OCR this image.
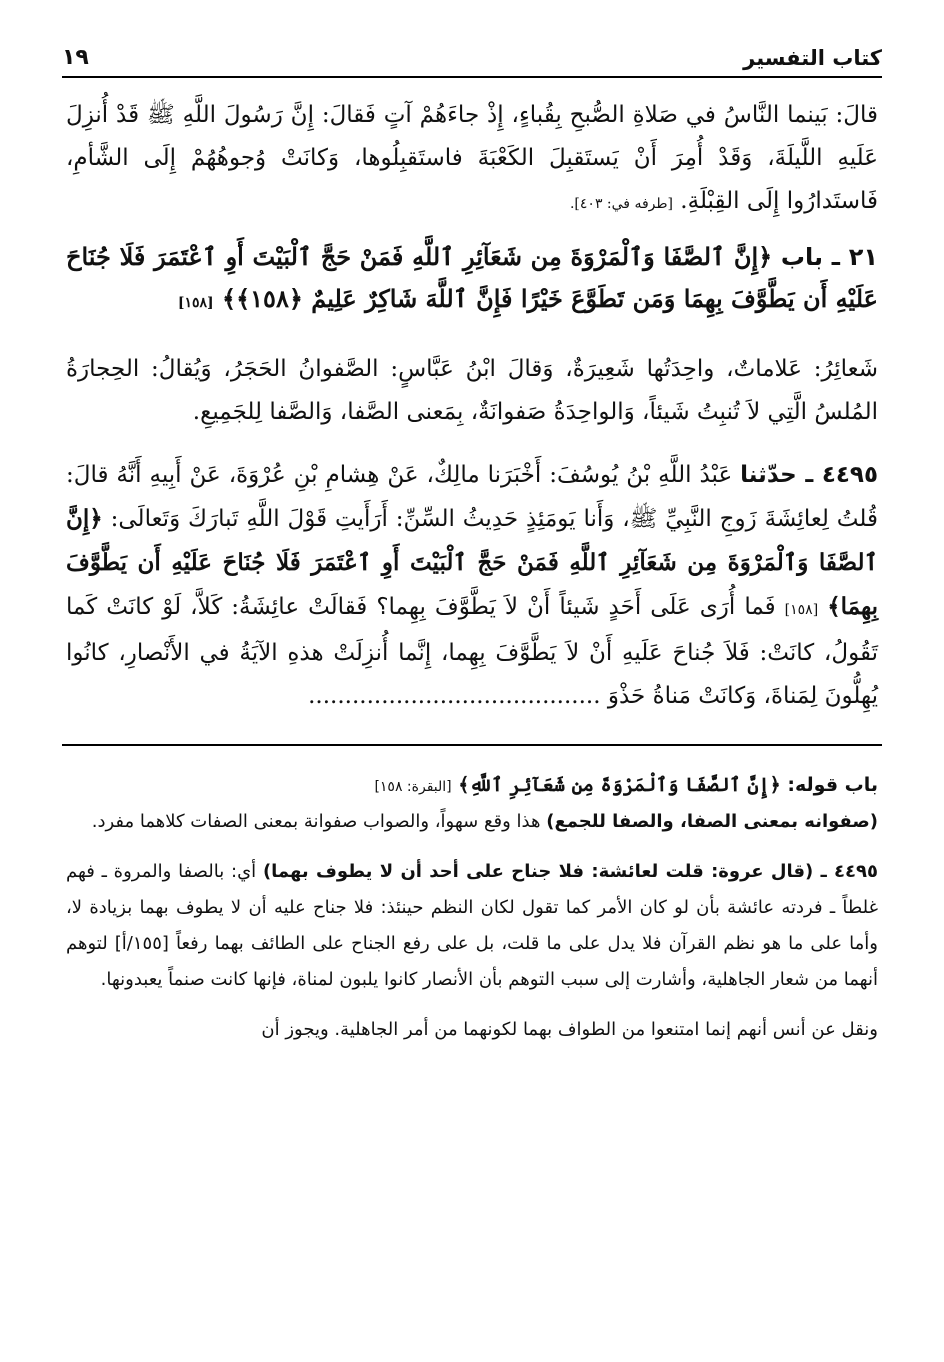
كتاب التفسير
١٩

قالَ: بَينما النَّاسُ في صَلاةِ الصُّبحِ بِقُباءٍ، إِذْ جاءَهُمْ آتٍ فَقالَ: إِنَّ رَسُولَ اللَّهِ ﷺ قَدْ أُنزِلَ عَلَيهِ اللَّيلَةَ، وَقَدْ أُمِرَ أَنْ يَستَقبِلَ الكَعْبَةَ فاستَقبِلُوها، وَكانَتْ وُجوهُهُمْ إِلَى الشَّأمِ، فَاستَدارُوا إِلَى القِبْلَةِ. [طرفه في: ٤٠٣].

٢١ ـ باب ﴿إِنَّ ٱلصَّفَا وَٱلْمَرْوَةَ مِن شَعَآئِرِ ٱللَّهِ فَمَنْ حَجَّ ٱلْبَيْتَ أَوِ ٱعْتَمَرَ فَلَا جُنَاحَ عَلَيْهِ أَن يَطَّوَّفَ بِهِمَا وَمَن تَطَوَّعَ خَيْرًا فَإِنَّ ٱللَّهَ شَاكِرٌ عَلِيمٌ ﴿١٥٨﴾﴾ [١٥٨]

شَعائِرُ: عَلاماتٌ، واحِدَتُها شَعِيرَةٌ، وَقالَ ابْنُ عَبَّاسٍ: الصَّفوانُ الحَجَرُ، وَيُقالُ: الحِجارَةُ المُلسُ الَّتِي لاَ تُنبِتُ شَيئاً، وَالواحِدَةُ صَفوانَةٌ، بِمَعنى الصَّفا، وَالصَّفا لِلجَمِيعِ.

٤٤٩٥ ـ حدّثنا عَبْدُ اللَّهِ بْنُ يُوسُفَ: أَخْبَرَنا مالِكٌ، عَنْ هِشامِ بْنِ عُرْوَةَ، عَنْ أَبِيهِ أَنَّهُ قالَ: قُلتُ لِعائِشَةَ زَوجِ النَّبِيِّ ﷺ، وَأَنا يَومَئِذٍ حَدِيثُ السِّنِّ: أَرَأَيتِ قَوْلَ اللَّهِ تَبارَكَ وَتَعالَى: ﴿إِنَّ ٱلصَّفَا وَٱلْمَرْوَةَ مِن شَعَآئِرِ ٱللَّهِ فَمَنْ حَجَّ ٱلْبَيْتَ أَوِ ٱعْتَمَرَ فَلَا جُنَاحَ عَلَيْهِ أَن يَطَّوَّفَ بِهِمَا﴾ [١٥٨] فَما أُرَى عَلَى أَحَدٍ شَيئاً أَنْ لاَ يَطَّوَّفَ بِهِما؟ فَقالَتْ عائِشَةُ: كَلاَّ، لَوْ كانَتْ كَما تَقُولُ، كانَتْ: فَلاَ جُناحَ عَلَيهِ أَنْ لاَ يَطَّوَّفَ بِهِما، إِنَّما أُنزِلَتْ هذهِ الآيَةُ في الأَنْصارِ، كانُوا يُهِلُّونَ لِمَناةَ، وَكانَتْ مَناةُ حَذْوَ ........................................

باب قوله: ﴿إِنَّ ٱلصَّفَا وَٱلْمَرْوَةَ مِن شَعَآئِرِ ٱللَّهِ﴾ [البقرة: ١٥٨]

(صفوانه بمعنى الصفا، والصفا للجمع) هذا وقع سهواً، والصواب صفوانة بمعنى الصفات كلاهما مفرد.

٤٤٩٥ ـ (قال عروة: قلت لعائشة: فلا جناح على أحد أن لا يطوف بهما) أي: بالصفا والمروة ـ فهم غلطاً ـ فردته عائشة بأن لو كان الأمر كما تقول لكان النظم حينئذ: فلا جناح عليه أن لا يطوف بهما بزيادة لا، وأما على ما هو نظم القرآن فلا يدل على ما قلت، بل على رفع الجناح على الطائف بهما رفعاً [١٥٥/أ] لتوهم أنهما من شعار الجاهلية، وأشارت إلى سبب التوهم بأن الأنصار كانوا يلبون لمناة، فإنها كانت صنماً يعبدونها.

ونقل عن أنس أنهم إنما امتنعوا من الطواف بهما لكونهما من أمر الجاهلية. ويجوز أن
